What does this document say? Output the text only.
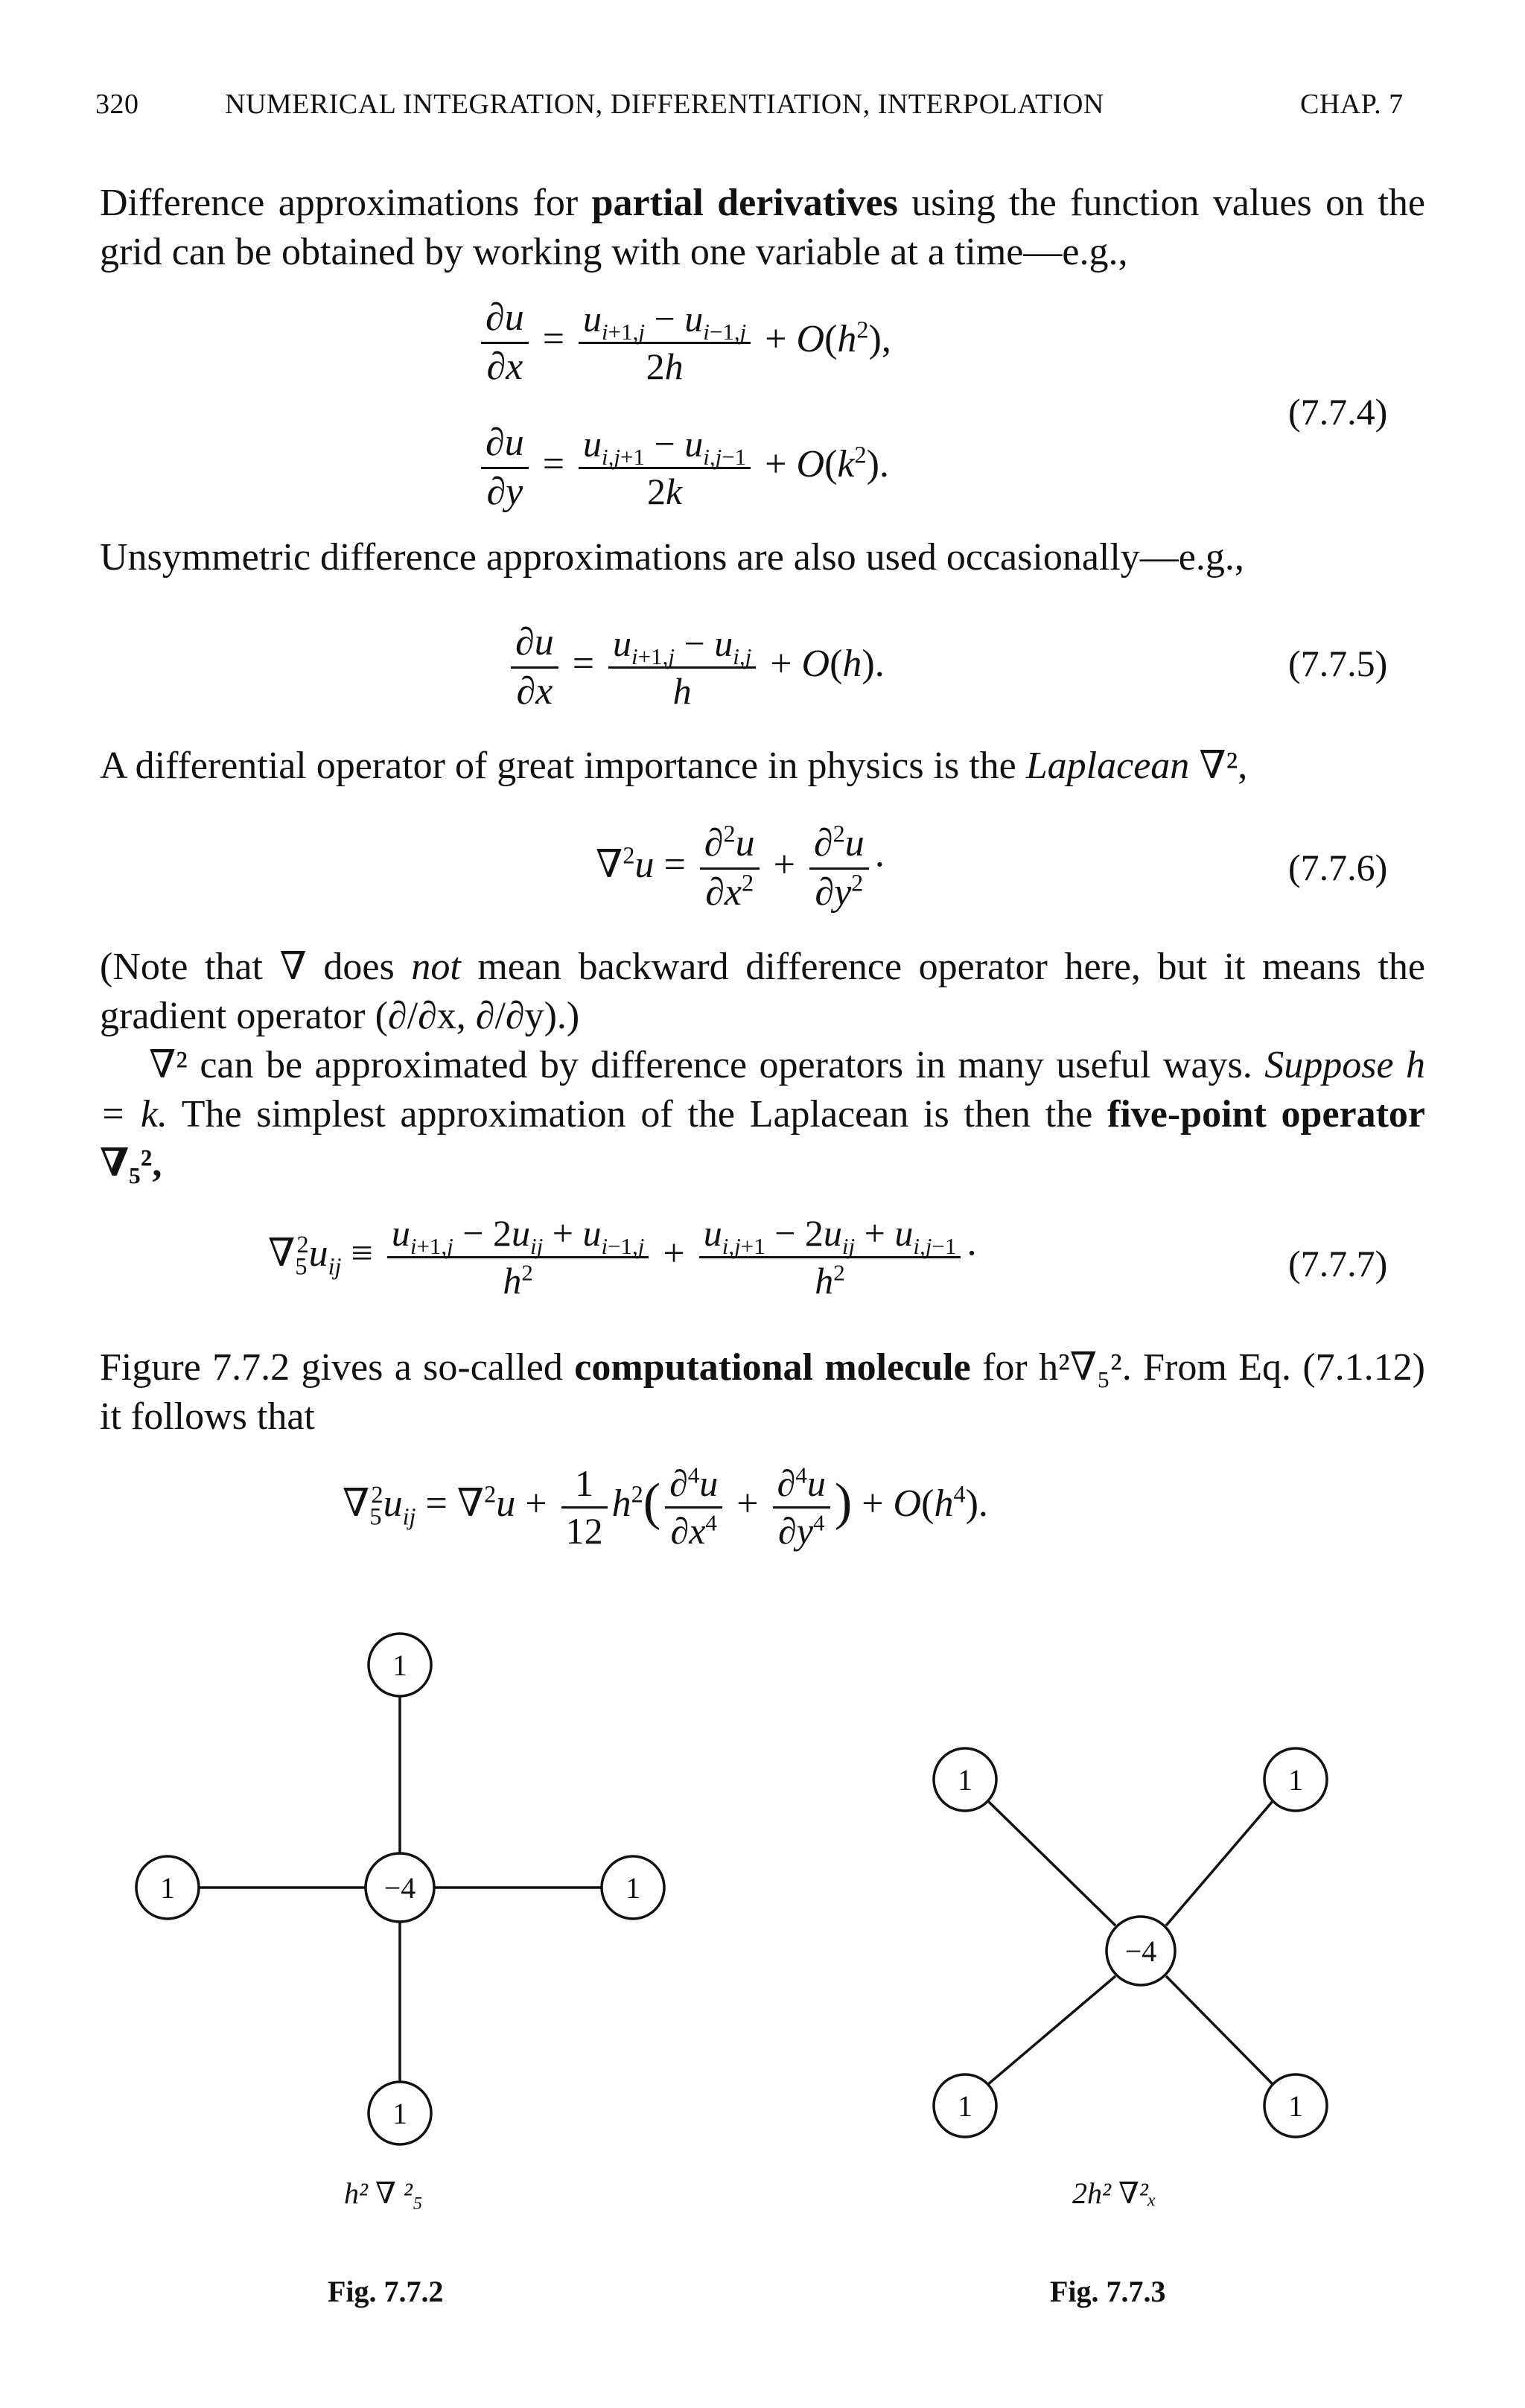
320	NUMERICAL INTEGRATION, DIFFERENTIATION, INTERPOLATION	CHAP. 7
Difference approximations for partial derivatives using the function values on the grid can be obtained by working with one variable at a time—e.g.,
$\frac{\partial u}{\partial x} = \frac{u_{i+1,j} - u_{i-1,j}}{2h} + O(h^2)$,
$\frac{\partial u}{\partial y} = \frac{u_{i,j+1} - u_{i,j-1}}{2k} + O(k^2)$.
(7.7.4)
Unsymmetric difference approximations are also used occasionally—e.g.,
$\frac{\partial u}{\partial x} = \frac{u_{i+1,j} - u_{i,j}}{h} + O(h)$.	(7.7.5)
A differential operator of great importance in physics is the Laplacean ∇²,
$\nabla^2u = \frac{\partial^2u}{\partial x^2} + \frac{\partial^2u}{\partial y^2}$ ·	(7.7.6)
(Note that ∇ does not mean backward difference operator here, but it means the gradient operator (∂/∂x, ∂/∂y).)
∇² can be approximated by difference operators in many useful ways. Suppose h = k. The simplest approximation of the Laplacean is then the five-point operator ∇₅²,
$\nabla_5^2u_{ij} \equiv \frac{u_{i+1,j} - 2u_{ij} + u_{i-1,j}}{h^2} + \frac{u_{i,j+1} - 2u_{ij} + u_{i,j-1}}{h^2}$ ·	(7.7.7)
Figure 7.7.2 gives a so-called computational molecule for h²∇₅². From Eq. (7.1.12) it follows that
$\nabla_5^2u_{ij} = \nabla^2u + \frac{1}{12} h^2( \frac{\partial^4u}{\partial x^4} + \frac{\partial^4u}{\partial y^4}$ ) + $O(h^4)$.
1
−4
1	1
1
1	1
−4
1	1
h² ∇ ²₅	2h² ∇²ₓ
Fig. 7.7.2	Fig. 7.7.3
